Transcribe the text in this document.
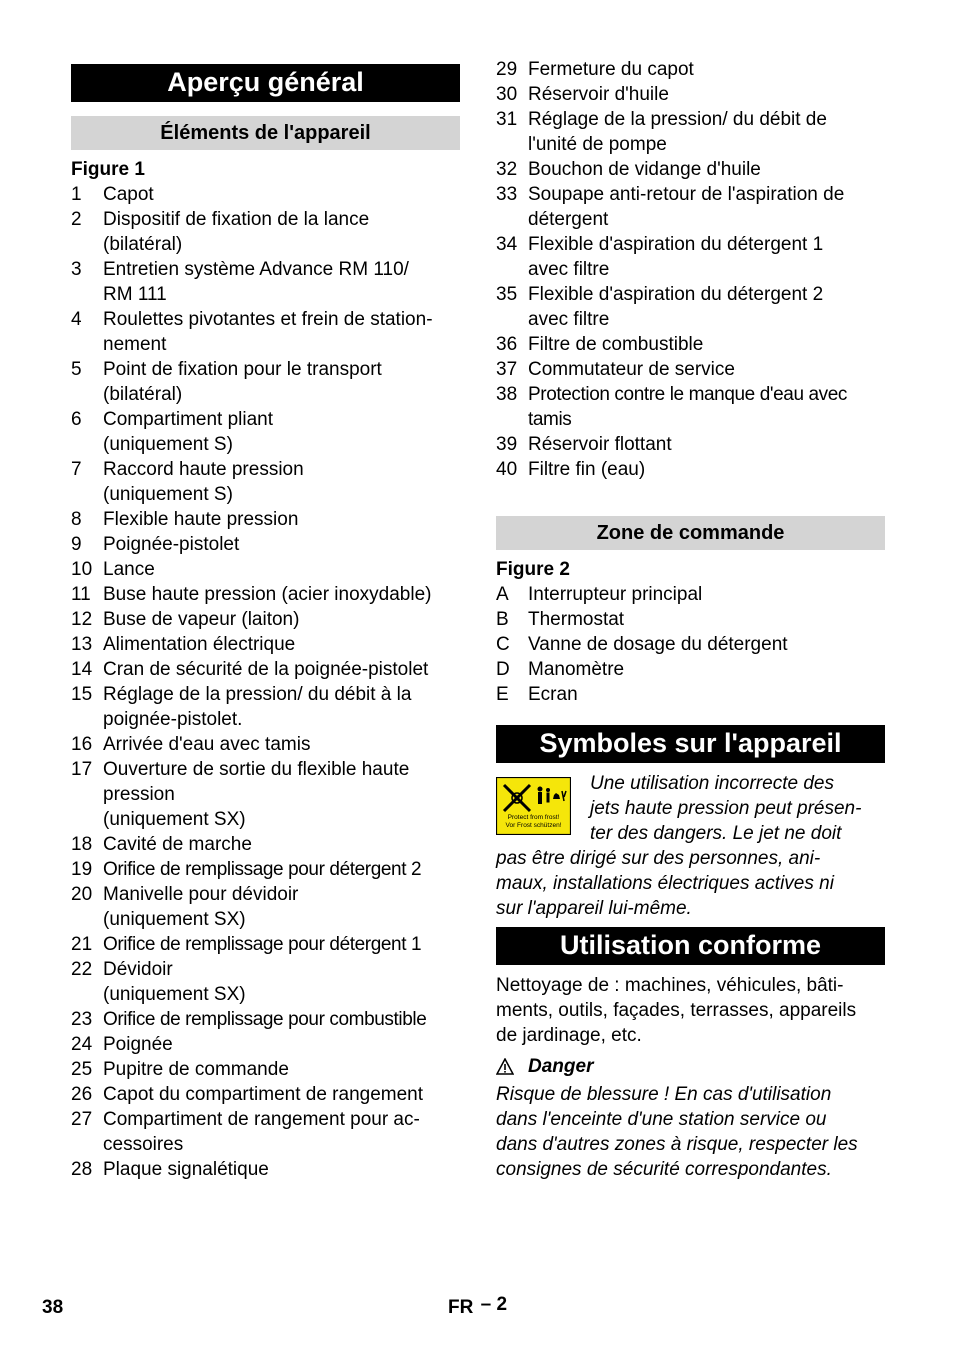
Aperçu général
Éléments de l'appareil
Figure 1
1	Capot
2	Dispositif de fixation de la lance
(bilatéral)
3	Entretien système Advance RM 110/
RM 111
4	Roulettes pivotantes et frein de station-
nement
5	Point de fixation pour le transport
(bilatéral)
6	Compartiment pliant
(uniquement S)
7	Raccord haute pression
(uniquement S)
8	Flexible haute pression
9	Poignée-pistolet
10 Lance
11 Buse haute pression (acier inoxydable)
12 Buse de vapeur (laiton)
13 Alimentation électrique
14 Cran de sécurité de la poignée-pistolet
15 Réglage de la pression/ du débit à la
poignée-pistolet.
16 Arrivée d'eau avec tamis
17 Ouverture de sortie du flexible haute
pression
(uniquement SX)
18 Cavité de marche
19 Orifice de remplissage pour détergent 2
20 Manivelle pour dévidoir
(uniquement SX)
21 Orifice de remplissage pour détergent 1
22 Dévidoir
(uniquement SX)
23 Orifice de remplissage pour combustible
24 Poignée
25 Pupitre de commande
26 Capot du compartiment de rangement
27 Compartiment de rangement pour ac-
cessoires
28 Plaque signalétique
29 Fermeture du capot
30 Réservoir d'huile
31 Réglage de la pression/ du débit de
l'unité de pompe
32 Bouchon de vidange d'huile
33 Soupape anti-retour de l'aspiration de
détergent
34 Flexible d'aspiration du détergent 1
avec filtre
35 Flexible d'aspiration du détergent 2
avec filtre
36 Filtre de combustible
37 Commutateur de service
38 Protection contre le manque d'eau avec
tamis
39 Réservoir flottant
40 Filtre fin (eau)
Zone de commande
Figure 2
A	Interrupteur principal
B	Thermostat
C Vanne de dosage du détergent
D Manomètre
E	Ecran
Symboles sur l'appareil
Protect from frost!
Vor Frost schützen!
Une utilisation incorrecte des
jets haute pression peut présen-
ter des dangers. Le jet ne doit
pas être dirigé sur des personnes, ani-
maux, installations électriques actives ni
sur l'appareil lui-même.
Utilisation conforme
Nettoyage de : machines, véhicules, bâti-
ments, outils, façades, terrasses, appareils
de jardinage, etc.
Danger
Risque de blessure ! En cas d'utilisation
dans l'enceinte d'une station service ou
dans d'autres zones à risque, respecter les
consignes de sécurité correspondantes.
38	FR – 2
